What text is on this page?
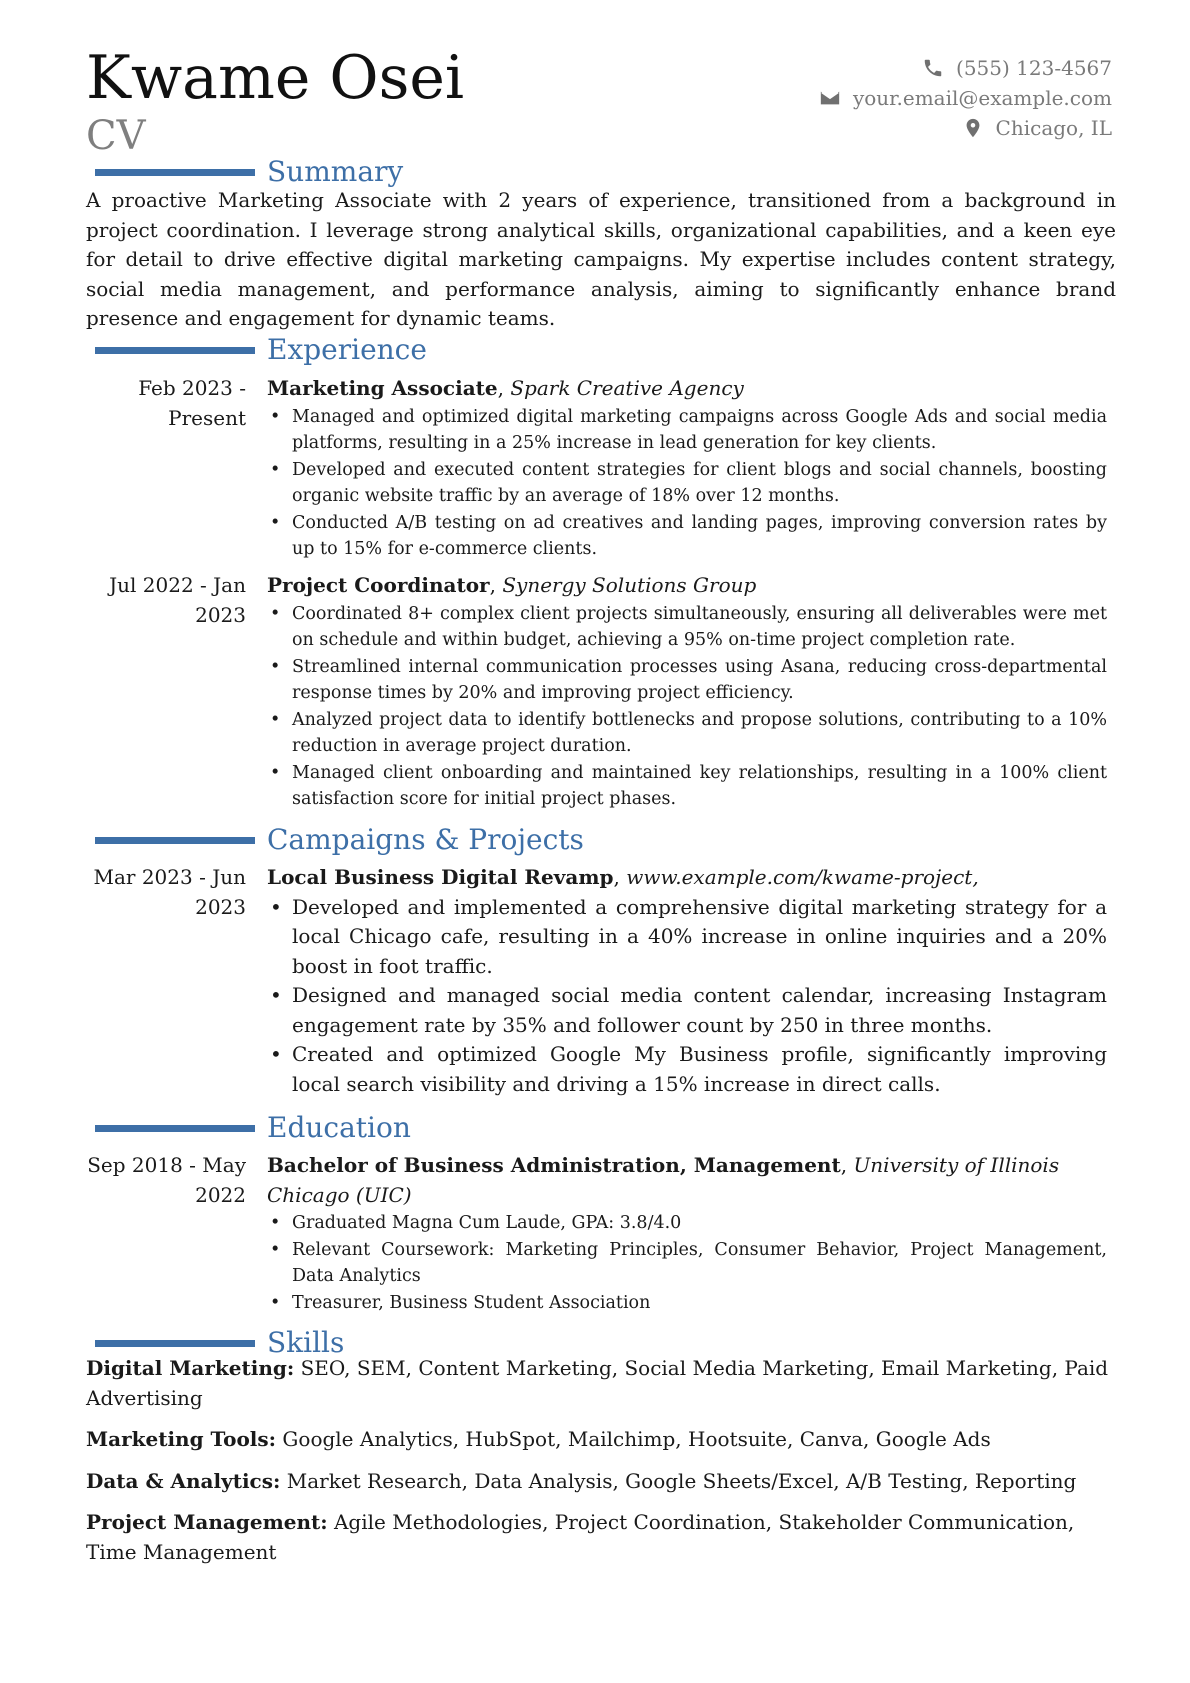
Kwame Osei
CV
(555) 123-4567
your.email@example.com
Chicago, IL
Summary
A proactive Marketing Associate with 2 years of experience, transitioned from a background in project coordination. I leverage strong analytical skills, organizational capabilities, and a keen eye for detail to drive effective digital marketing campaigns. My expertise includes content strategy, social media management, and performance analysis, aiming to significantly enhance brand presence and engagement for dynamic teams.
Experience
Feb 2023 - Present
Marketing Associate, Spark Creative Agency
• Managed and optimized digital marketing campaigns across Google Ads and social media platforms, resulting in a 25% increase in lead generation for key clients.
• Developed and executed content strategies for client blogs and social channels, boosting organic website traffic by an average of 18% over 12 months.
• Conducted A/B testing on ad creatives and landing pages, improving conversion rates by up to 15% for e-commerce clients.
Jul 2022 - Jan 2023
Project Coordinator, Synergy Solutions Group
• Coordinated 8+ complex client projects simultaneously, ensuring all deliverables were met on schedule and within budget, achieving a 95% on-time project completion rate.
• Streamlined internal communication processes using Asana, reducing cross-departmental response times by 20% and improving project efficiency.
• Analyzed project data to identify bottlenecks and propose solutions, contributing to a 10% reduction in average project duration.
• Managed client onboarding and maintained key relationships, resulting in a 100% client satisfaction score for initial project phases.
Campaigns & Projects
Mar 2023 - Jun 2023
Local Business Digital Revamp, www.example.com/kwame-project,
• Developed and implemented a comprehensive digital marketing strategy for a local Chicago cafe, resulting in a 40% increase in online inquiries and a 20% boost in foot traffic.
• Designed and managed social media content calendar, increasing Instagram engagement rate by 35% and follower count by 250 in three months.
• Created and optimized Google My Business profile, significantly improving local search visibility and driving a 15% increase in direct calls.
Education
Sep 2018 - May 2022
Bachelor of Business Administration, Management, University of Illinois Chicago (UIC)
• Graduated Magna Cum Laude, GPA: 3.8/4.0
• Relevant Coursework: Marketing Principles, Consumer Behavior, Project Management, Data Analytics
• Treasurer, Business Student Association
Skills
Digital Marketing: SEO, SEM, Content Marketing, Social Media Marketing, Email Marketing, Paid Advertising
Marketing Tools: Google Analytics, HubSpot, Mailchimp, Hootsuite, Canva, Google Ads
Data & Analytics: Market Research, Data Analysis, Google Sheets/Excel, A/B Testing, Reporting
Project Management: Agile Methodologies, Project Coordination, Stakeholder Communication, Time Management
